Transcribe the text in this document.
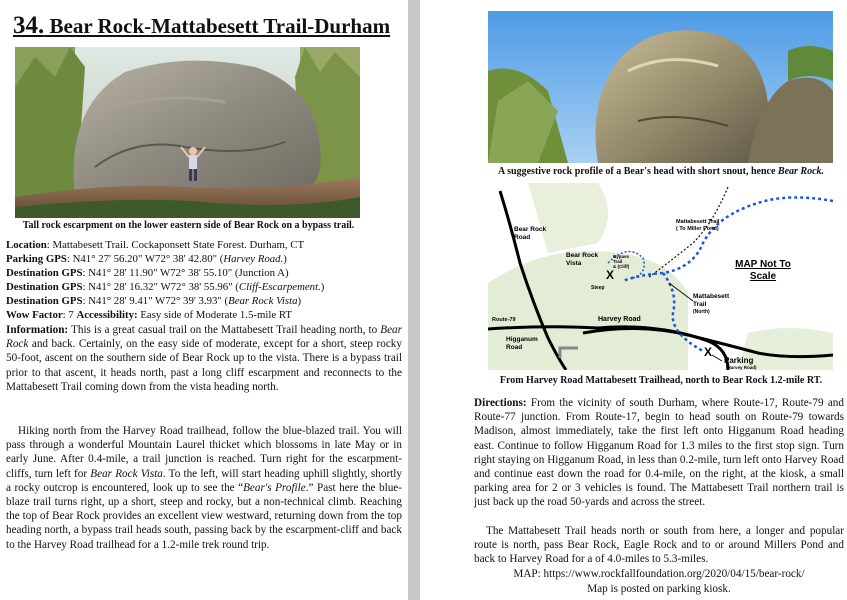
34. Bear Rock-Mattabesett Trail-Durham
Tall rock escarpment on the lower eastern side of Bear Rock on a bypass trail.
Location: Mattabesett Trail. Cockaponsett State Forest. Durham, CT
Parking GPS: N41° 27' 56.20" W72° 38' 42.80" (Harvey Road.)
Destination GPS: N41° 28' 11.90" W72° 38' 55.10" (Junction A)
Destination GPS: N41° 28' 16.32" W72° 38' 55.96" (Cliff-Escarpement.)
Destination GPS: N41° 28' 9.41" W72° 39' 3.93" (Bear Rock Vista)
Wow Factor: 7 Accessibility: Easy side of Moderate 1.5-mile RT

Information: This is a great casual trail on the Mattabesett Trail heading north, to Bear Rock and back. Certainly, on the easy side of moderate, except for a short, steep rocky 50-foot, ascent on the southern side of Bear Rock up to the vista. There is a bypass trail prior to that ascent, it heads north, past a long cliff escarpment and reconnects to the Mattabesett Trail coming down from the vista heading north.

Hiking north from the Harvey Road trailhead, follow the blue-blazed trail. You will pass through a wonderful Mountain Laurel thicket which blossoms in late May or in early June. After 0.4-mile, a trail junction is reached. Turn right for the escarpment-cliffs, turn left for Bear Rock Vista. To the left, will start heading uphill slightly, shortly a rocky outcrop is encountered, look up to see the “Bear's Profile.” Past here the blue-blaze trail turns right, up a short, steep and rocky, but a non-technical climb. Reaching the top of Bear Rock provides an excellent view westward, returning down from the top heading north, a bypass trail heads south, passing back by the escarpment-cliff and back to the Harvey Road trailhead for a 1.2-mile trek round trip.

A suggestive rock profile of a Bear's head with short snout, hence Bear Rock.
X
X
Bear Rock Road
Bear Rock Vista
Bypass Trail & (Cliff)
Steep
Mattabesett Trail ( To Miller Pond)
MAP Not To Scale
Mattabesett Trail (North)
Route-79	Harvey Road
Higganum Road
Parking
(Harvey Road)
From Harvey Road Mattabesett Trailhead, north to Bear Rock 1.2-mile RT.

Directions: From the vicinity of south Durham, where Route-17, Route-79 and Route-77 junction. From Route-17, begin to head south on Route-79 towards Madison, almost immediately, take the first left onto Higganum Road heading east. Continue to follow Higganum Road for 1.3 miles to the first stop sign. Turn right staying on Higganum Road, in less than 0.2-mile, turn left onto Harvey Road and continue east down the road for 0.4-mile, on the right, at the kiosk, a small parking area for 2 or 3 vehicles is found. The Mattabesett Trail northern trail is just back up the road 50-yards and across the street.

The Mattabesett Trail heads north or south from here, a longer and popular route is north, pass Bear Rock, Eagle Rock and to or around Millers Pond and back to Harvey Road for a of 4.0-miles to 5.3-miles.

MAP: https://www.rockfallfoundation.org/2020/04/15/bear-rock/
Map is posted on parking kiosk.
